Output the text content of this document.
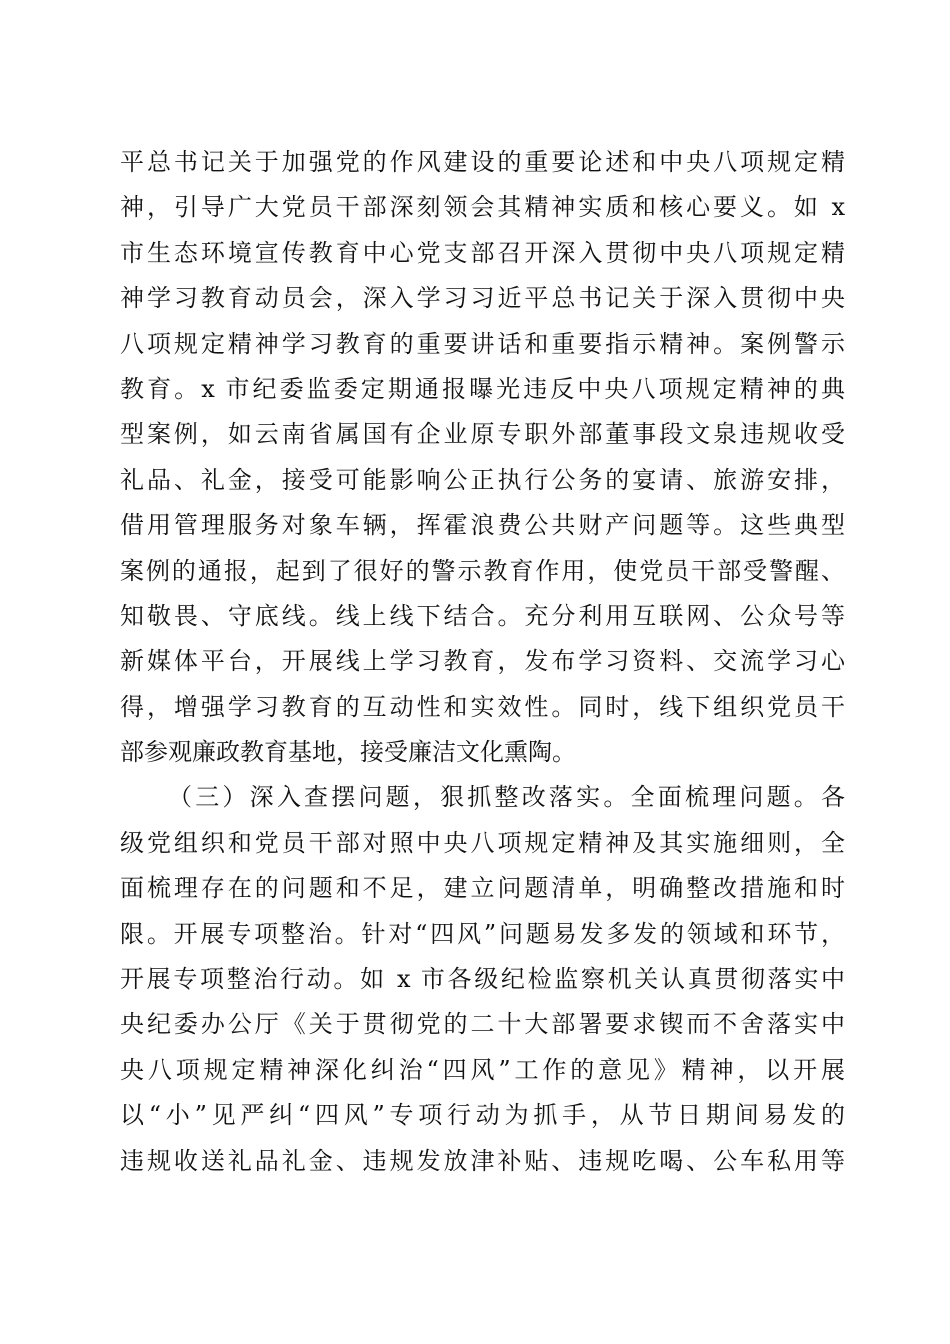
平总书记关于加强党的作风建设的重要论述和中央八项规定精
神，引导广大党员干部深刻领会其精神实质和核心要义。如 x
市生态环境宣传教育中心党支部召开深入贯彻中央八项规定精
神学习教育动员会，深入学习习近平总书记关于深入贯彻中央
八项规定精神学习教育的重要讲话和重要指示精神。案例警示
教育。x 市纪委监委定期通报曝光违反中央八项规定精神的典
型案例，如云南省属国有企业原专职外部董事段文泉违规收受
礼品、礼金，接受可能影响公正执行公务的宴请、旅游安排，
借用管理服务对象车辆，挥霍浪费公共财产问题等。这些典型
案例的通报，起到了很好的警示教育作用，使党员干部受警醒、
知敬畏、守底线。线上线下结合。充分利用互联网、公众号等
新媒体平台，开展线上学习教育，发布学习资料、交流学习心
得，增强学习教育的互动性和实效性。同时，线下组织党员干
部参观廉政教育基地，接受廉洁文化熏陶。
（三）深入查摆问题，狠抓整改落实。全面梳理问题。各
级党组织和党员干部对照中央八项规定精神及其实施细则，全
面梳理存在的问题和不足，建立问题清单，明确整改措施和时
限。开展专项整治。针对“四风”问题易发多发的领域和环节，
开展专项整治行动。如 x 市各级纪检监察机关认真贯彻落实中
央纪委办公厅《关于贯彻党的二十大部署要求锲而不舍落实中
央八项规定精神深化纠治“四风”工作的意见》精神，以开展
以“小”见严纠“四风”专项行动为抓手，从节日期间易发的
违规收送礼品礼金、违规发放津补贴、违规吃喝、公车私用等
